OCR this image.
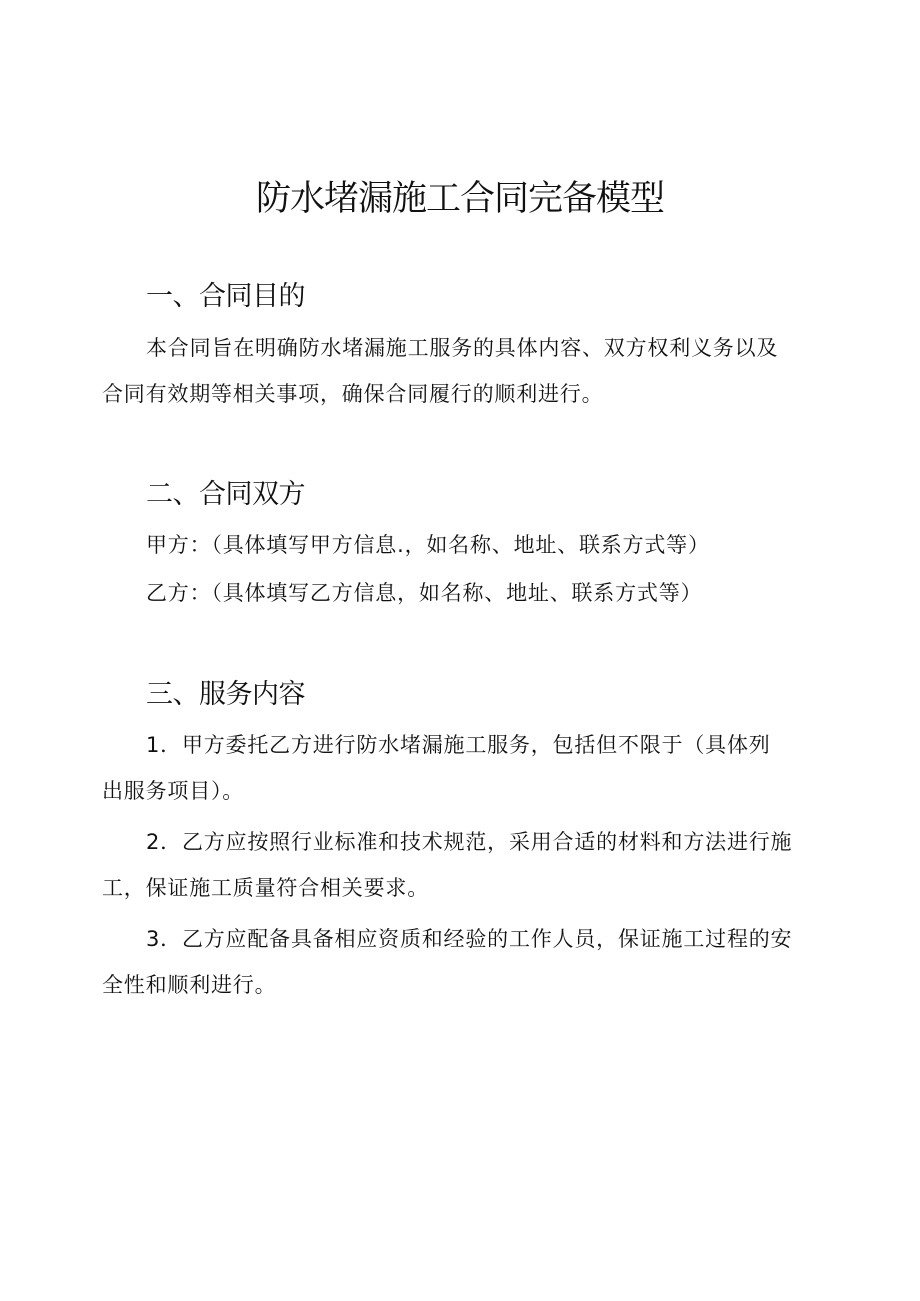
防水堵漏施工合同完备模型
一、合同目的
本合同旨在明确防水堵漏施工服务的具体内容、双方权利义务以及
合同有效期等相关事项，确保合同履行的顺利进行。
二、合同双方
甲方：（具体填写甲方信息.，如名称、地址、联系方式等）
乙方：（具体填写乙方信息，如名称、地址、联系方式等）
三、服务内容
1．甲方委托乙方进行防水堵漏施工服务，包括但不限于（具体列
出服务项目）。
2．乙方应按照行业标准和技术规范，采用合适的材料和方法进行施
工，保证施工质量符合相关要求。
3．乙方应配备具备相应资质和经验的工作人员，保证施工过程的安
全性和顺利进行。
